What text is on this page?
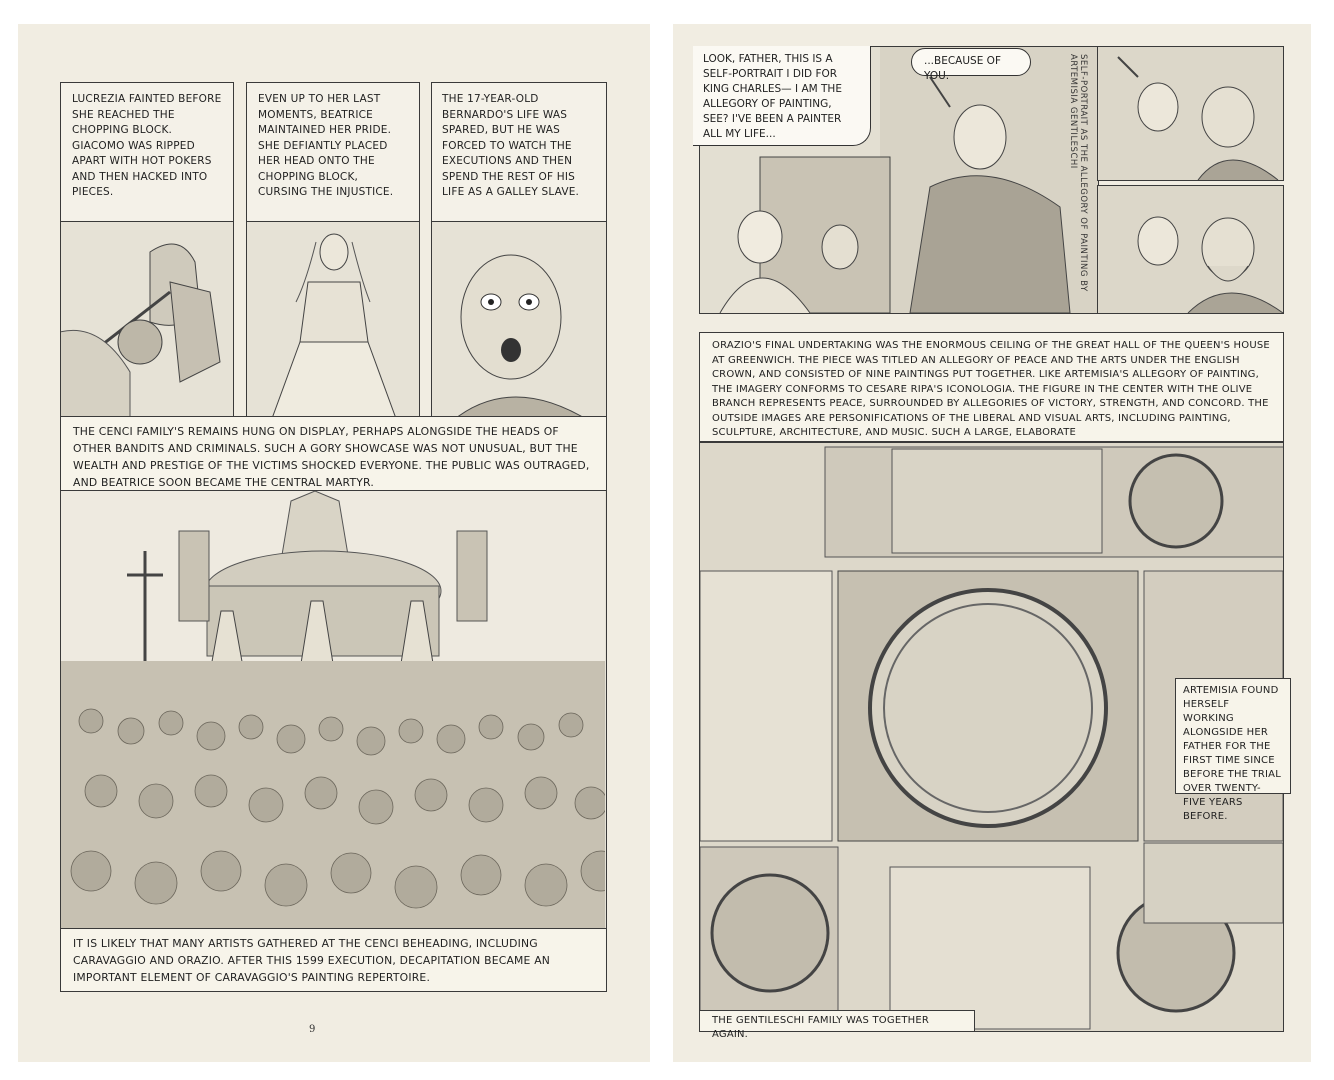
LUCREZIA FAINTED BEFORE SHE REACHED THE CHOPPING BLOCK. GIACOMO WAS RIPPED APART WITH HOT POKERS AND THEN HACKED INTO PIECES.
EVEN UP TO HER LAST MOMENTS, BEATRICE MAINTAINED HER PRIDE. SHE DEFIANTLY PLACED HER HEAD ONTO THE CHOPPING BLOCK, CURSING THE INJUSTICE.
THE 17-YEAR-OLD BERNARDO'S LIFE WAS SPARED, BUT HE WAS FORCED TO WATCH THE EXECUTIONS AND THEN SPEND THE REST OF HIS LIFE AS A GALLEY SLAVE.
THE CENCI FAMILY'S REMAINS HUNG ON DISPLAY, PERHAPS ALONGSIDE THE HEADS OF OTHER BANDITS AND CRIMINALS. SUCH A GORY SHOWCASE WAS NOT UNUSUAL, BUT THE WEALTH AND PRESTIGE OF THE VICTIMS SHOCKED EVERYONE. THE PUBLIC WAS OUTRAGED, AND BEATRICE SOON BECAME THE CENTRAL MARTYR.
IT IS LIKELY THAT MANY ARTISTS GATHERED AT THE CENCI BEHEADING, INCLUDING CARAVAGGIO AND ORAZIO. AFTER THIS 1599 EXECUTION, DECAPITATION BECAME AN IMPORTANT ELEMENT OF CARAVAGGIO'S PAINTING REPERTOIRE.
9
LOOK, FATHER, THIS IS A SELF-PORTRAIT I DID FOR KING CHARLES— I AM THE ALLEGORY OF PAINTING, SEE? I'VE BEEN A PAINTER ALL MY LIFE...
...BECAUSE OF YOU.	SELF-PORTRAIT AS THE ALLEGORY OF PAINTING BY ARTEMISIA GENTILESCHI
ORAZIO'S FINAL UNDERTAKING WAS THE ENORMOUS CEILING OF THE GREAT HALL OF THE QUEEN'S HOUSE AT GREENWICH. THE PIECE WAS TITLED AN ALLEGORY OF PEACE AND THE ARTS UNDER THE ENGLISH CROWN, AND CONSISTED OF NINE PAINTINGS PUT TOGETHER. LIKE ARTEMISIA'S ALLEGORY OF PAINTING, THE IMAGERY CONFORMS TO CESARE RIPA'S ICONOLOGIA. THE FIGURE IN THE CENTER WITH THE OLIVE BRANCH REPRESENTS PEACE, SURROUNDED BY ALLEGORIES OF VICTORY, STRENGTH, AND CONCORD. THE OUTSIDE IMAGES ARE PERSONIFICATIONS OF THE LIBERAL AND VISUAL ARTS, INCLUDING PAINTING, SCULPTURE, ARCHITECTURE, AND MUSIC. SUCH A LARGE, ELABORATE
ARTEMISIA FOUND HERSELF WORKING ALONGSIDE HER FATHER FOR THE FIRST TIME SINCE BEFORE THE TRIAL OVER TWENTY-FIVE YEARS BEFORE.
THE GENTILESCHI FAMILY WAS TOGETHER AGAIN.
